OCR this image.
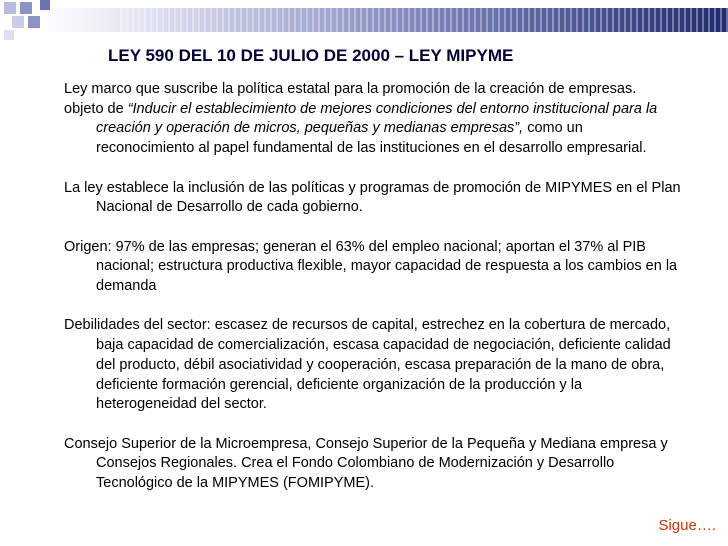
LEY 590 DEL 10 DE JULIO DE 2000 – LEY MIPYME

Ley marco que suscribe la política estatal para la promoción de la creación de empresas.

objeto de “Inducir el establecimiento de mejores condiciones del entorno institucional para la creación y operación de micros, pequeñas y medianas empresas”, como un reconocimiento al papel fundamental de las instituciones en el desarrollo empresarial.

La ley establece la inclusión de las políticas y programas de promoción de MIPYMES en el Plan Nacional de Desarrollo de cada gobierno.

Origen: 97% de las empresas; generan el 63% del empleo nacional; aportan el 37% al PIB nacional; estructura productiva flexible, mayor capacidad de respuesta a los cambios en la demanda

Debilidades del sector: escasez de recursos de capital, estrechez en la cobertura de mercado, baja capacidad de comercialización, escasa capacidad de negociación, deficiente calidad del producto, débil asociatividad y cooperación, escasa preparación de la mano de obra, deficiente formación gerencial, deficiente organización de la producción y la heterogeneidad del sector.

Consejo Superior de la Microempresa, Consejo Superior de la Pequeña y Mediana empresa y Consejos Regionales. Crea el Fondo Colombiano de Modernización y Desarrollo Tecnológico de la MIPYMES (FOMIPYME).

Sigue….
